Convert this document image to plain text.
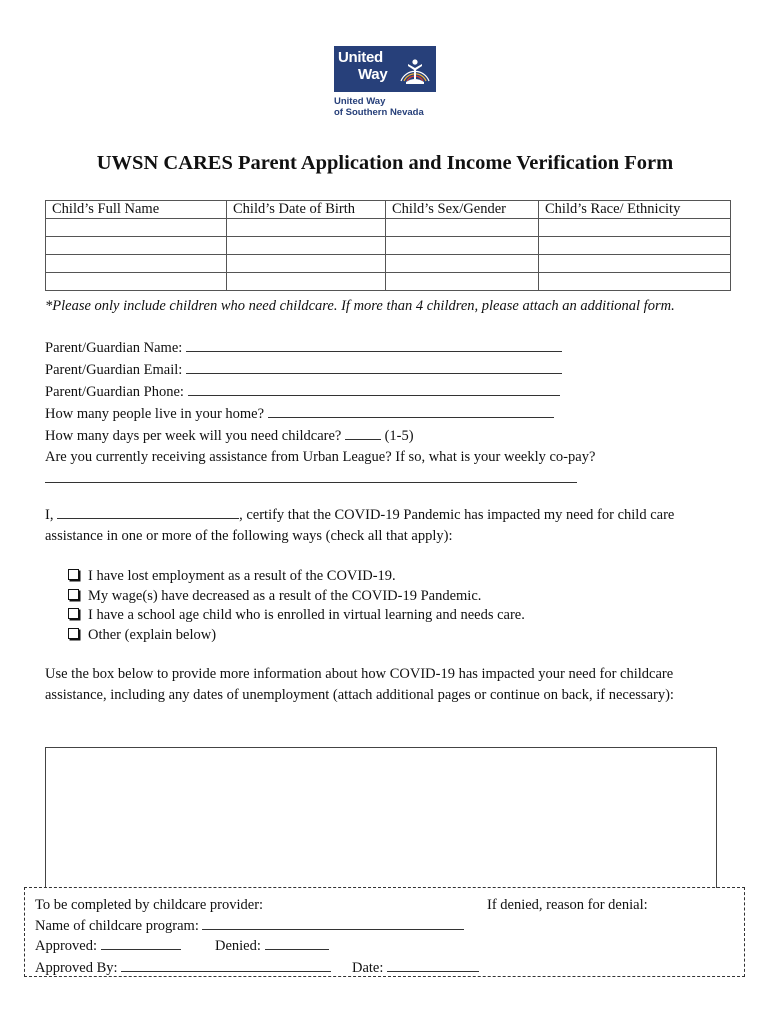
United
Way
United Way
of Southern Nevada
UWSN CARES Parent Application and Income Verification Form
Child’s Full Name	Child’s Date of Birth	Child’s Sex/Gender	Child’s Race/ Ethnicity

*Please only include children who need childcare. If more than 4 children, please attach an additional form.
Parent/Guardian Name:
Parent/Guardian Email:
Parent/Guardian Phone:
How many people live in your home?
How many days per week will you need childcare?	(1-5)
Are you currently receiving assistance from Urban League? If so, what is your weekly co-pay?
I,	, certify that the COVID-19 Pandemic has impacted my need for child care assistance in one or more of the following ways (check all that apply):
I have lost employment as a result of the COVID-19.
My wage(s) have decreased as a result of the COVID-19 Pandemic.
I have a school age child who is enrolled in virtual learning and needs care.
Other (explain below)
Use the box below to provide more information about how COVID-19 has impacted your need for childcare assistance, including any dates of unemployment (attach additional pages or continue on back, if necessary):
To be completed by childcare provider:	If denied, reason for denial:
Name of childcare program:
Approved:	Denied:
Approved By:	Date:
